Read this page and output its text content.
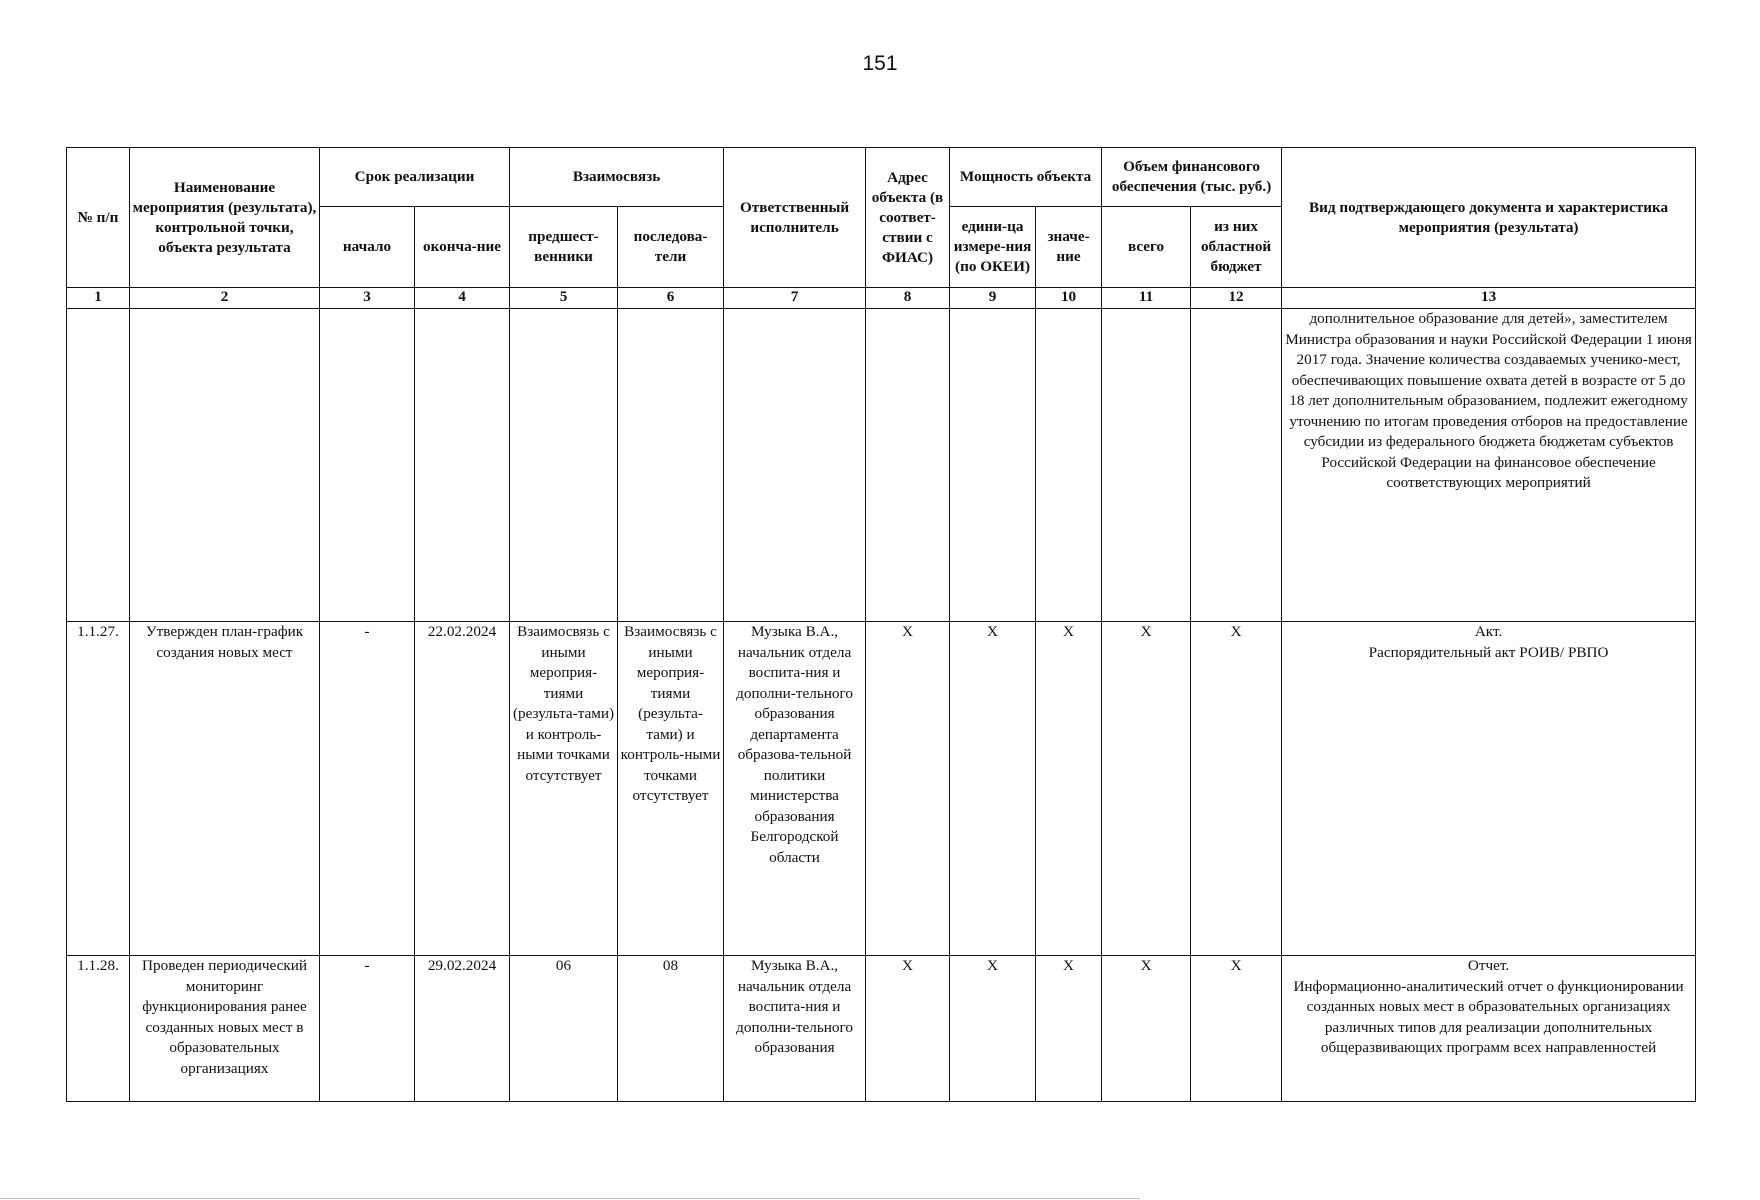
151
№ п/п	Наименование мероприятия (результата), контрольной точки, объекта результата	Срок реализации		Взаимосвязь		Ответственный исполнитель	Адрес объекта (в соответ-ствии с ФИАС)	Мощность объекта		Объем финансового обеспечения (тыс. руб.)		Вид подтверждающего документа и характеристика мероприятия (результата)
		начало	оконча-ние	предшест-венники	последова-тели			едини-ца измере-ния (по ОКЕИ)	значе-ние	всего	из них областной бюджет	
1	2	3	4	5	6	7	8	9	10	11	12	13
												дополнительное образование для детей», заместителем Министра образования и науки Российской Федерации 1 июня 2017 года. Значение количества создаваемых ученико-мест, обеспечивающих повышение охвата детей в возрасте от 5 до 18 лет дополнительным образованием, подлежит ежегодному уточнению по итогам проведения отборов на предоставление субсидии из федерального бюджета бюджетам субъектов Российской Федерации на финансовое обеспечение соответствующих мероприятий
1.1.27.	Утвержден план-график создания новых мест	-	22.02.2024	Взаимосвязь с иными мероприя-тиями (результа-тами) и контроль-ными точками отсутствует	Взаимосвязь с иными мероприя-тиями (результа-тами) и контроль-ными точками отсутствует	Музыка В.А., начальник отдела воспита-ния и дополни-тельного образования департамента образова-тельной политики министерства образования Белгородской области	Х	Х	Х	Х	Х	Акт.
Распорядительный акт РОИВ/ РВПО

1.1.28.	Проведен периодический мониторинг функционирования ранее созданных новых мест в образовательных организациях	-	29.02.2024	06	08	Музыка В.А., начальник отдела воспита-ния и дополни-тельного образования	Х	Х	Х	Х	Х	Отчет.
Информационно-аналитический отчет о функционировании созданных новых мест в образовательных организациях различных типов для реализации дополнительных общеразвивающих программ всех направленностей
